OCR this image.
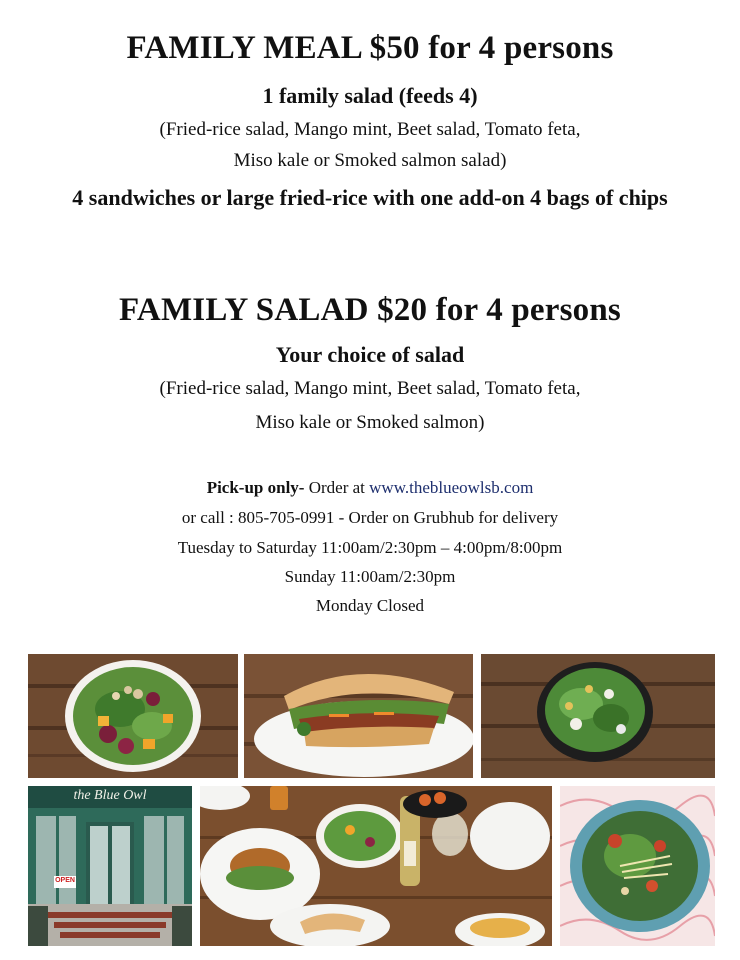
FAMILY MEAL $50 for 4 persons
1 family salad (feeds 4)
(Fried-rice salad, Mango mint, Beet salad, Tomato feta,
Miso kale or Smoked salmon salad)
4 sandwiches or large fried-rice with one add-on 4 bags of chips
FAMILY SALAD $20 for 4 persons
Your choice of salad
(Fried-rice salad, Mango mint, Beet salad, Tomato feta,
Miso kale or Smoked salmon)
Pick-up only- Order at www.theblueowlsb.com
or call : 805-705-0991 - Order on Grubhub for delivery
Tuesday to Saturday 11:00am/2:30pm – 4:00pm/8:00pm
Sunday 11:00am/2:30pm
Monday Closed
the Blue Owl
OPEN
